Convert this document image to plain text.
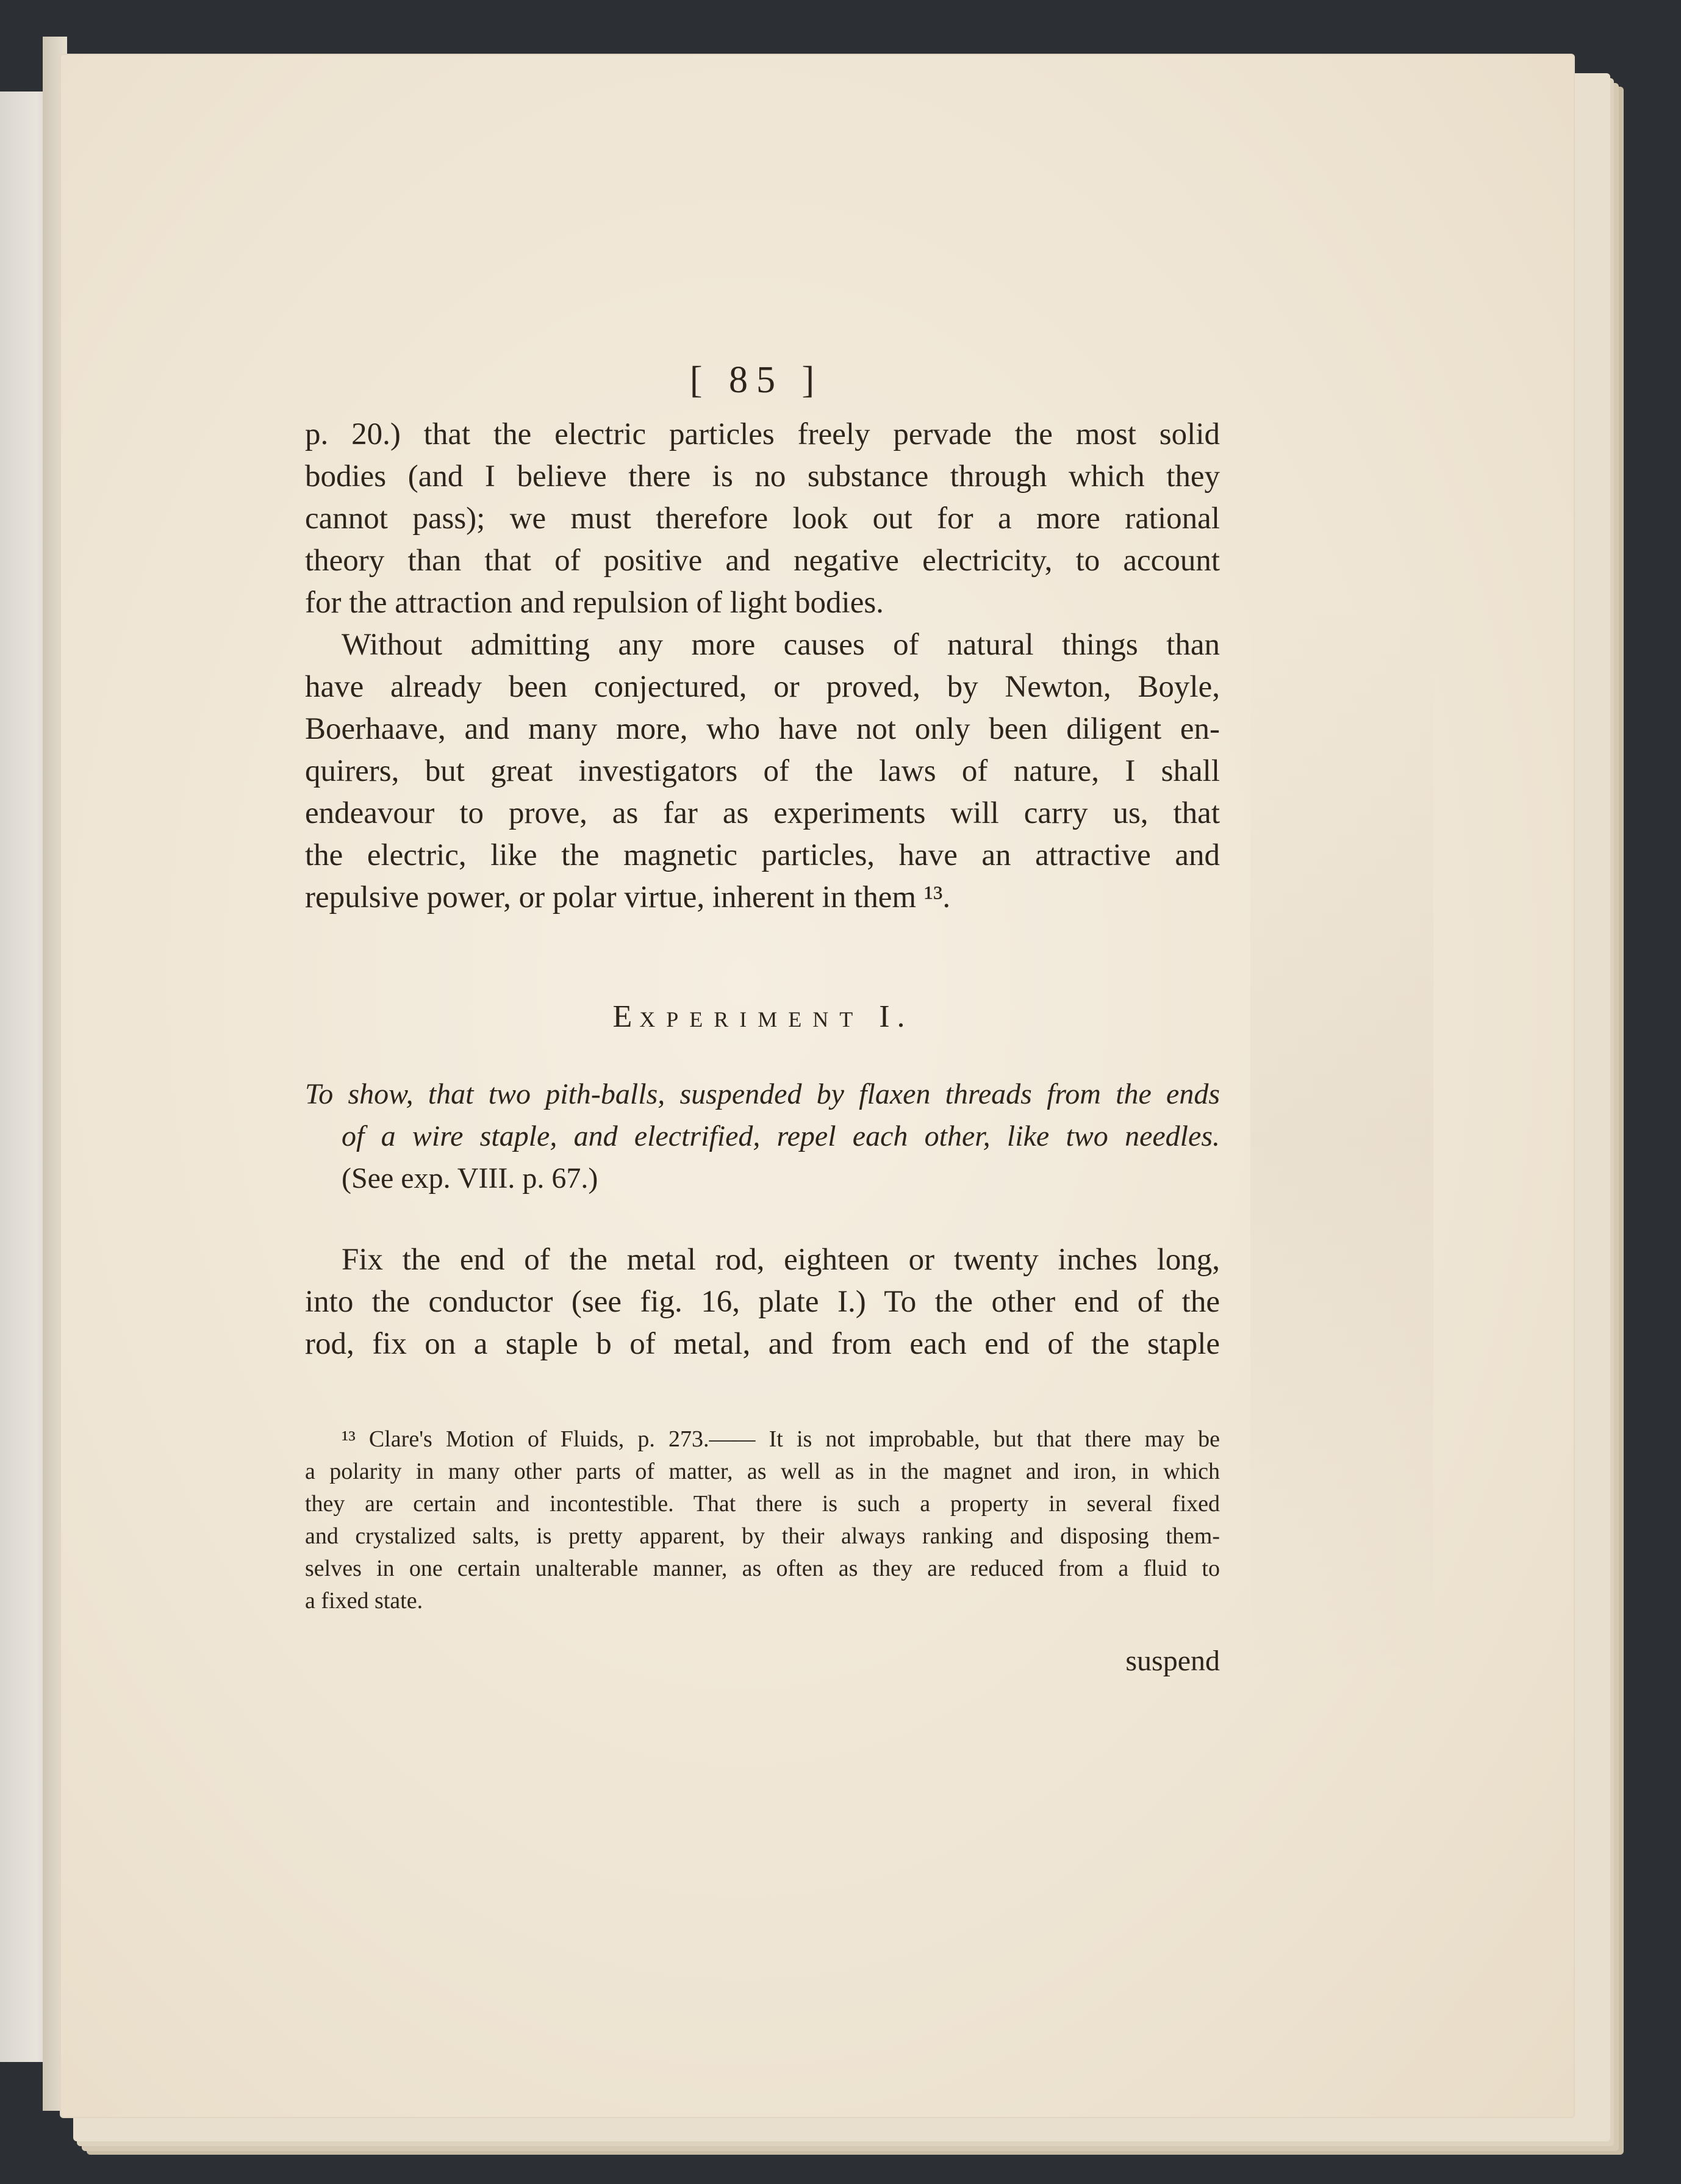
[ 85 ]
p. 20.) that the electric particles freely pervade the most solid
bodies (and I believe there is no substance through which they
cannot pass); we must therefore look out for a more rational
theory than that of positive and negative electricity, to account
for the attraction and repulsion of light bodies.
Without admitting any more causes of natural things than
have already been conjectured, or proved, by Newton, Boyle,
Boerhaave, and many more, who have not only been diligent en-
quirers, but great investigators of the laws of nature, I shall
endeavour to prove, as far as experiments will carry us, that
the electric, like the magnetic particles, have an attractive and
repulsive power, or polar virtue, inherent in them ¹³.
EXPERIMENT I.
To show, that two pith-balls, suspended by flaxen threads from the ends
of a wire staple, and electrified, repel each other, like two needles.
(See exp. VIII. p. 67.)
Fix the end of the metal rod, eighteen or twenty inches long,
into the conductor (see fig. 16, plate I.) To the other end of the
rod, fix on a staple b of metal, and from each end of the staple
¹³ Clare's Motion of Fluids, p. 273.—— It is not improbable, but that there may be
a polarity in many other parts of matter, as well as in the magnet and iron, in which
they are certain and incontestible. That there is such a property in several fixed
and crystalized salts, is pretty apparent, by their always ranking and disposing them-
selves in one certain unalterable manner, as often as they are reduced from a fluid to
a fixed state.
suspend
